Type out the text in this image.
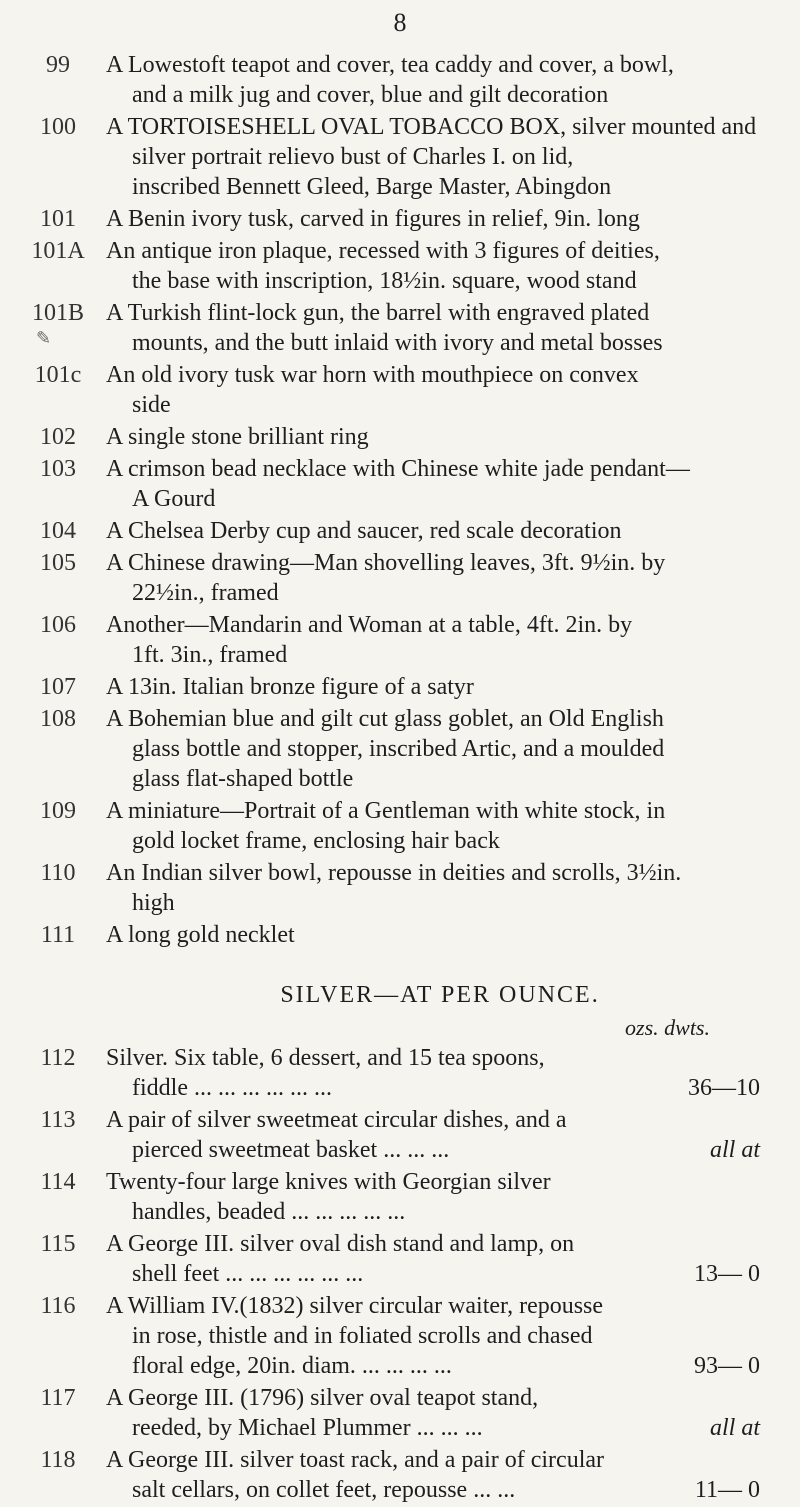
8
99	A Lowestoft teapot and cover, tea caddy and cover, a bowl,
and a milk jug and cover, blue and gilt decoration
100	A TORTOISESHELL OVAL TOBACCO BOX, silver mounted and
silver portrait relievo bust of Charles I. on lid,
inscribed Bennett Gleed, Barge Master, Abingdon
101	A Benin ivory tusk, carved in figures in relief, 9in. long
101A An antique iron plaque, recessed with 3 figures of deities,
the base with inscription, 18½in. square, wood stand
101B A Turkish flint-lock gun, the barrel with engraved plated
mounts, and the butt inlaid with ivory and metal bosses
101c	An old ivory tusk war horn with mouthpiece on convex
side
102	A single stone brilliant ring
103	A crimson bead necklace with Chinese white jade pendant—
A Gourd
104	A Chelsea Derby cup and saucer, red scale decoration
105	A Chinese drawing—Man shovelling leaves, 3ft. 9½in. by
22½in., framed
106	Another—Mandarin and Woman at a table, 4ft. 2in. by
1ft. 3in., framed
107	A 13in. Italian bronze figure of a satyr
108	A Bohemian blue and gilt cut glass goblet, an Old English
glass bottle and stopper, inscribed Artic, and a moulded
glass flat-shaped bottle
109	A miniature—Portrait of a Gentleman with white stock, in
gold locket frame, enclosing hair back
110	An Indian silver bowl, repousse in deities and scrolls, 3½in.
high
111	A long gold necklet
SILVER—AT PER OUNCE.
ozs. dwts.
112	Silver. Six table, 6 dessert, and 15 tea spoons,
fiddle ... ... ... ... ... ...	36—10
113	A pair of silver sweetmeat circular dishes, and a
pierced sweetmeat basket ... ... ...	all at
114	Twenty-four large knives with Georgian silver
handles, beaded ... ... ... ... ...
115	A George III. silver oval dish stand and lamp, on
shell feet ... ... ... ... ... ...	13— 0
116	A William IV.(1832) silver circular waiter, repousse
in rose, thistle and in foliated scrolls and chased
floral edge, 20in. diam. ... ... ... ...	93— 0
117	A George III. (1796) silver oval teapot stand,
reeded, by Michael Plummer ... ... ...	all at
118	A George III. silver toast rack, and a pair of circular
salt cellars, on collet feet, repousse ... ...	11— 0
✎
